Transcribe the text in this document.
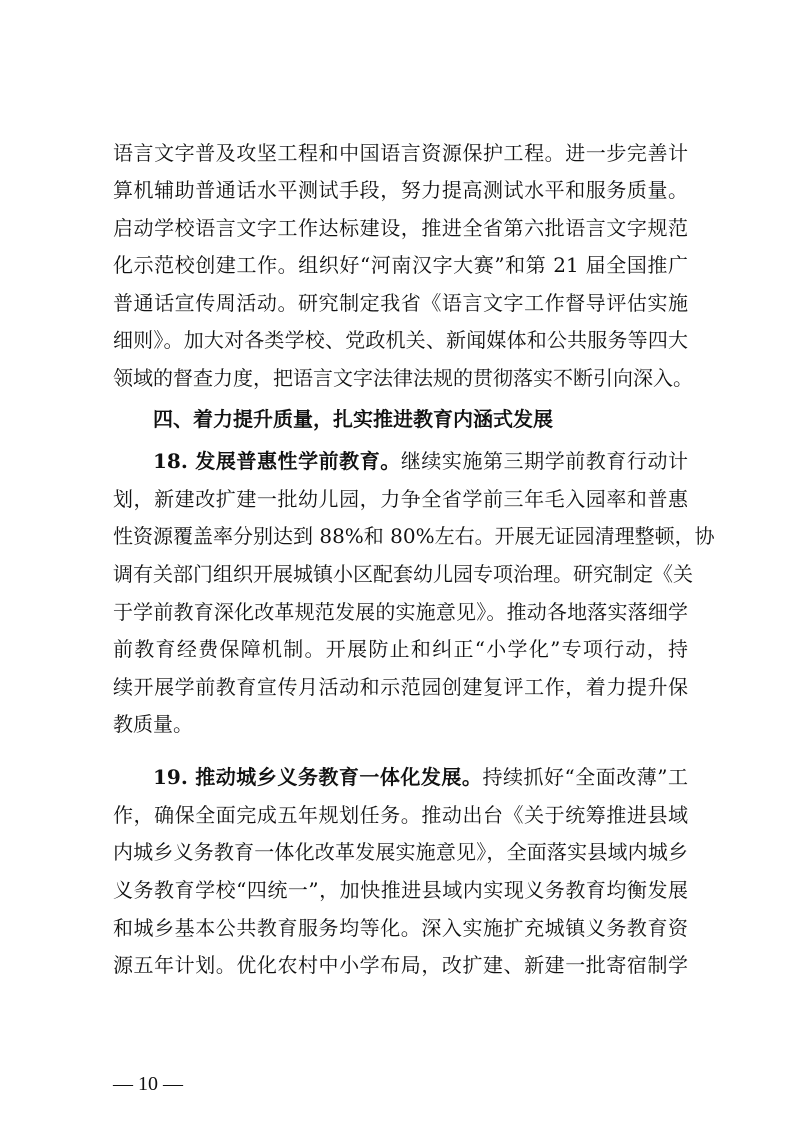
语言文字普及攻坚工程和中国语言资源保护工程。进一步完善计
算机辅助普通话水平测试手段，努力提高测试水平和服务质量。
启动学校语言文字工作达标建设，推进全省第六批语言文字规范
化示范校创建工作。组织好“河南汉字大赛”和第 21 届全国推广
普通话宣传周活动。研究制定我省《语言文字工作督导评估实施
细则》。加大对各类学校、党政机关、新闻媒体和公共服务等四大
领域的督查力度，把语言文字法律法规的贯彻落实不断引向深入。
四、着力提升质量，扎实推进教育内涵式发展
18. 发展普惠性学前教育。继续实施第三期学前教育行动计
划，新建改扩建一批幼儿园，力争全省学前三年毛入园率和普惠
性资源覆盖率分别达到 88%和 80%左右。开展无证园清理整顿，协
调有关部门组织开展城镇小区配套幼儿园专项治理。研究制定《关
于学前教育深化改革规范发展的实施意见》。推动各地落实落细学
前教育经费保障机制。开展防止和纠正“小学化”专项行动，持
续开展学前教育宣传月活动和示范园创建复评工作，着力提升保
教质量。
19. 推动城乡义务教育一体化发展。持续抓好“全面改薄”工
作，确保全面完成五年规划任务。推动出台《关于统筹推进县域
内城乡义务教育一体化改革发展实施意见》，全面落实县域内城乡
义务教育学校“四统一”，加快推进县域内实现义务教育均衡发展
和城乡基本公共教育服务均等化。深入实施扩充城镇义务教育资
源五年计划。优化农村中小学布局，改扩建、新建一批寄宿制学
— 10 —
